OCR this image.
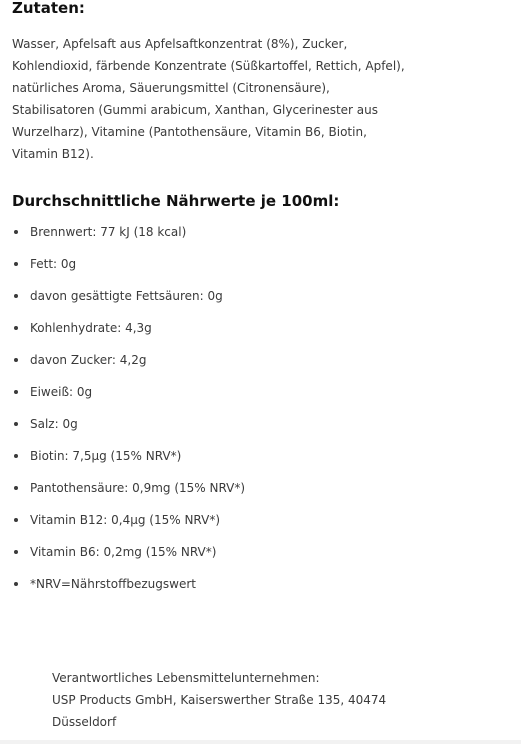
Zutaten:

Wasser, Apfelsaft aus Apfelsaftkonzentrat (8%), Zucker,
Kohlendioxid, färbende Konzentrate (Süßkartoffel, Rettich, Apfel),
natürliches Aroma, Säuerungsmittel (Citronensäure),
Stabilisatoren (Gummi arabicum, Xanthan, Glycerinester aus
Wurzelharz), Vitamine (Pantothensäure, Vitamin B6, Biotin,
Vitamin B12).

Durchschnittliche Nährwerte je 100ml:
Brennwert: 77 kJ (18 kcal)
Fett: 0g
davon gesättigte Fettsäuren: 0g
Kohlenhydrate: 4,3g
davon Zucker: 4,2g
Eiweiß: 0g
Salz: 0g
Biotin: 7,5µg (15% NRV*)
Pantothensäure: 0,9mg (15% NRV*)
Vitamin B12: 0,4µg (15% NRV*)
Vitamin B6: 0,2mg (15% NRV*)
*NRV=Nährstoffbezugswert
Verantwortliches Lebensmittelunternehmen:
USP Products GmbH, Kaiserswerther Straße 135, 40474
Düsseldorf
